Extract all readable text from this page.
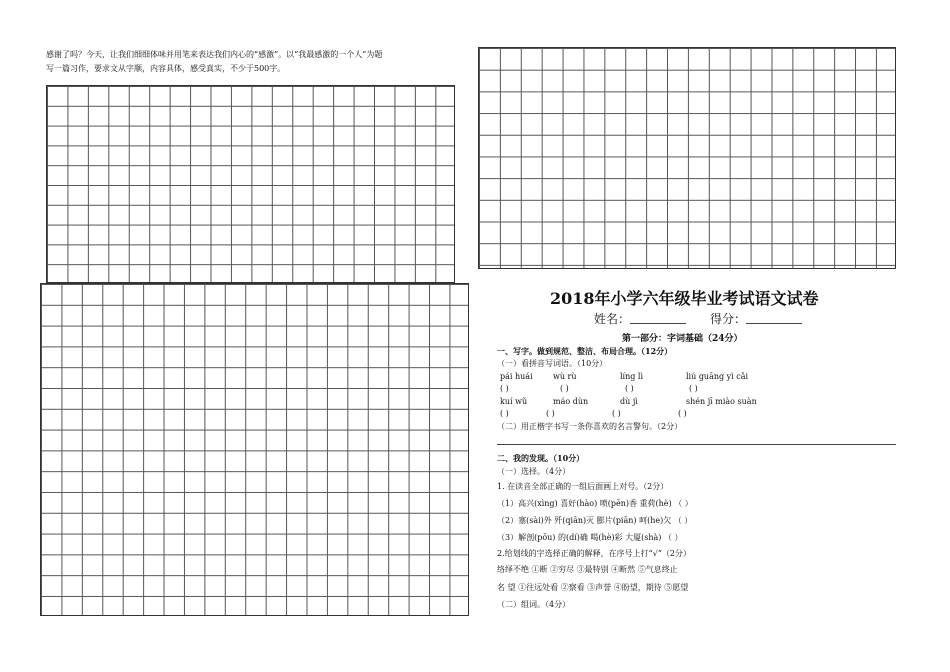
感谢了吗？今天，让我们细细体味并用笔来表达我们内心的“感激”。以“我最感激的一个人”为题
写一篇习作，要求文从字顺，内容具体，感受真实，不少于500字。
2018年小学六年级毕业考试语文试卷
姓名：	得分：
第一部分：字词基础（24分）
一、写字。做到规范、整洁、布局合理。（12分）
（一）看拼音写词语。（10分）
pái huái	wù rù	líng lì	liú guāng yì cǎi
( )	( )	( )	( )
kuí wǔ	máo dùn	dù jì	shén jī miào suàn
( )	( )	( )	( )
（二）用正楷字书写一条你喜欢的名言警句。（2分）
二、我的发现。（10分）
（一）选择。（4分）
1. 在读音全部正确的一组后面画上对号。（2分）
（1）高兴(xìng) 喜好(hào) 喷(pēn)香 重荷(hè) （ ）
（2）塞(sài)外 歼(qiān)灭 膨片(piān) 呵(he)欠 （ ）
（3）解剖(pōu) 的(dí)确 喝(hè)彩 大厦(shà) （ ）
2.给划线的字选择正确的解释，在序号上打“√”（2分）
络绎不绝 ①断 ②穷尽 ③最特别 ④断然 ⑤气息终止
名 望 ①往远处看 ②察看 ③声誉 ④盼望，期待 ⑤愿望
（二）组词。（4分）
